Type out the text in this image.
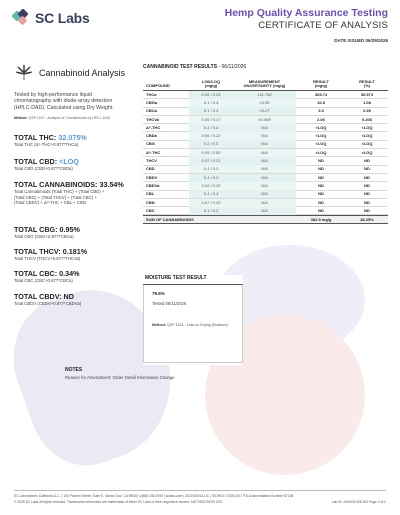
SC Labs	Hemp Quality Assurance Testing
CERTIFICATE OF ANALYSIS
DATE ISSUED 06/29/2026
Cannabinoid Analysis
Tested by high-performance liquid chromatography with diode-array detection (HPLC-DAD). Calculated using Dry Weight.
Method: QSP 1157 - Analysis of Cannabinoids by HPLC-DAD
TOTAL THC: 32.075%
Total THC (Δ⁹-THC+0.877*THCa)
TOTAL CBD: <LOQ
Total CBD (CBD+0.877*CBDa)
TOTAL CANNABINOIDS: 33.54%
Total Cannabinoids (Total THC) + (Total CBD) +
(Total CBG) + (Total THCV) + (Total CBC) +
(Total CBDV) + Δ⁸-THC + CBL + CBN
TOTAL CBG: 0.95%
Total CBG (CBG+0.877*CBGa)
TOTAL THCV: 0.181%
Total THCV (THCV+0.877*THCVa)
TOTAL CBC: 0.34%
Total CBC (CBC+0.877*CBCa)
TOTAL CBDV: ND
Total CBDV (CBDV+0.877*CBDVa)
CANNABINOID TEST RESULTS - 06/11/2026
COMPOUND
LOD/LOQ
(mg/g)
MEASUREMENT
UNCERTAINTY (mg/g)
RESULT
(mg/g)
RESULT
(%)
THCa	0.06 / 0.24	±11.740	365.74	36.574
CBGa	0.1 / 0.4	±0.58	10.8	1.08
CBCa	0.1 / 0.4	±0.27	3.9	0.39
THCVa	0.05 / 0.17	±0.068	2.06	0.206
Δ⁹-THC	0.1 / 0.4	N/A	<LOQ	<LOQ
CBDa	0.06 / 0.22	N/A	<LOQ	<LOQ
CBG	0.2 / 0.5	N/A	<LOQ	<LOQ
Δ⁸-THC	0.05 / 0.50	N/A	<LOQ	<LOQ
THCV	0.07 / 0.21	N/A	ND	ND
CBD	0.1 / 0.3	N/A	ND	ND
CBDV	0.1 / 0.3	N/A	ND	ND
CBDVa	0.02 / 0.22	N/A	ND	ND
CBL	0.1 / 0.4	N/A	ND	ND
CBN	0.07 / 0.20	N/A	ND	ND
CBC	0.1 / 0.2	N/A	ND	ND
SUM OF CANNABINOIDS	382.5 mg/g	38.25%
MOISTURE TEST RESULT
79.6%
Tested 06/11/2026
Method: QSP 1224 - Loss on Drying (Moisture)
NOTES
Reason for Amendment: Order Detail Information Change
SC Laboratories California LLC. | 100 Pioneer Street, Suite E, Santa Cruz, CA 95060 | (866) 435-0709 | sclabs.com | C8-0000013-LIC | ISO/IES 17025:2017 PJLA Accreditation Number 87168
© 2026 SC Labs all rights reserved. Trademarks referenced are trademarks of either SC Labs or their respective owners. MKT0002 REV9 2/22	Lab ID: 260415L006-002 Page 2 of 2
